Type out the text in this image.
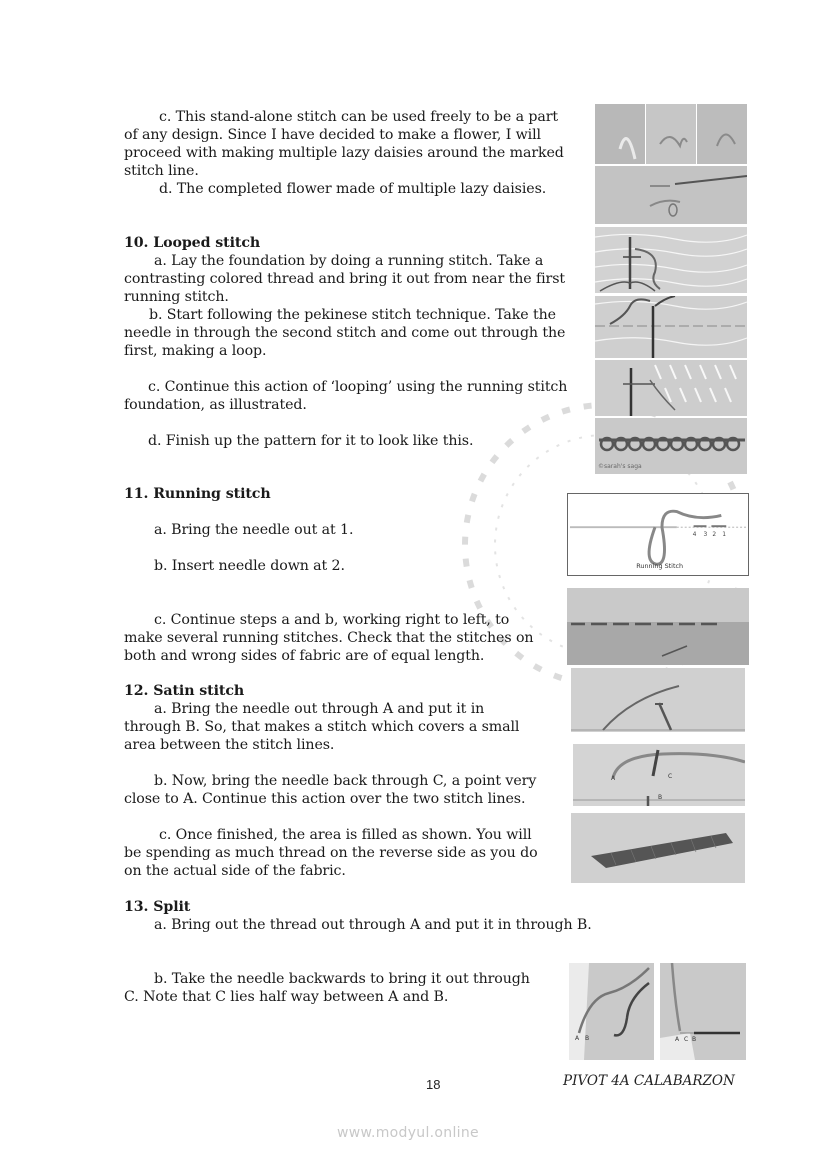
c. This stand-alone stitch can be used freely to be a part
of any design. Since I have decided to make a flower, I will
proceed with making multiple lazy daisies around the marked
stitch line.
d. The completed flower made of multiple lazy daisies.
10. Looped stitch
a. Lay the foundation by doing a running stitch. Take a
contrasting colored thread and bring it out from near the first
running stitch.
b. Start following the pekinese stitch technique. Take the
needle in through the second stitch and come out through the
first, making a loop.
c. Continue this action of ‘looping’ using the running stitch
foundation, as illustrated.
d. Finish up the pattern for it to look like this.
©sarah's saga
11. Running stitch
a. Bring the needle out at 1.
b. Insert needle down at 2.
c. Continue steps a and b, working right to left, to
make several running stitches. Check that the stitches on
both and wrong sides of fabric are of equal length.
4 3 2 1
Running Stitch
12. Satin stitch
a. Bring the needle out through A and put it in
through B. So, that makes a stitch which covers a small
area between the stitch lines.
b. Now, bring the needle back through C, a point very
close to A. Continue this action over the two stitch lines.
c. Once finished, the area is filled as shown. You will
be spending as much thread on the reverse side as you do
on the actual side of the fabric.
A	C
B
13. Split
a. Bring out the thread out through A and put it in through B.
b. Take the needle backwards to bring it out through
C. Note that C lies half way between A and B.
A B	A C B
18	PIVOT 4A CALABARZON
www.modyul.online
